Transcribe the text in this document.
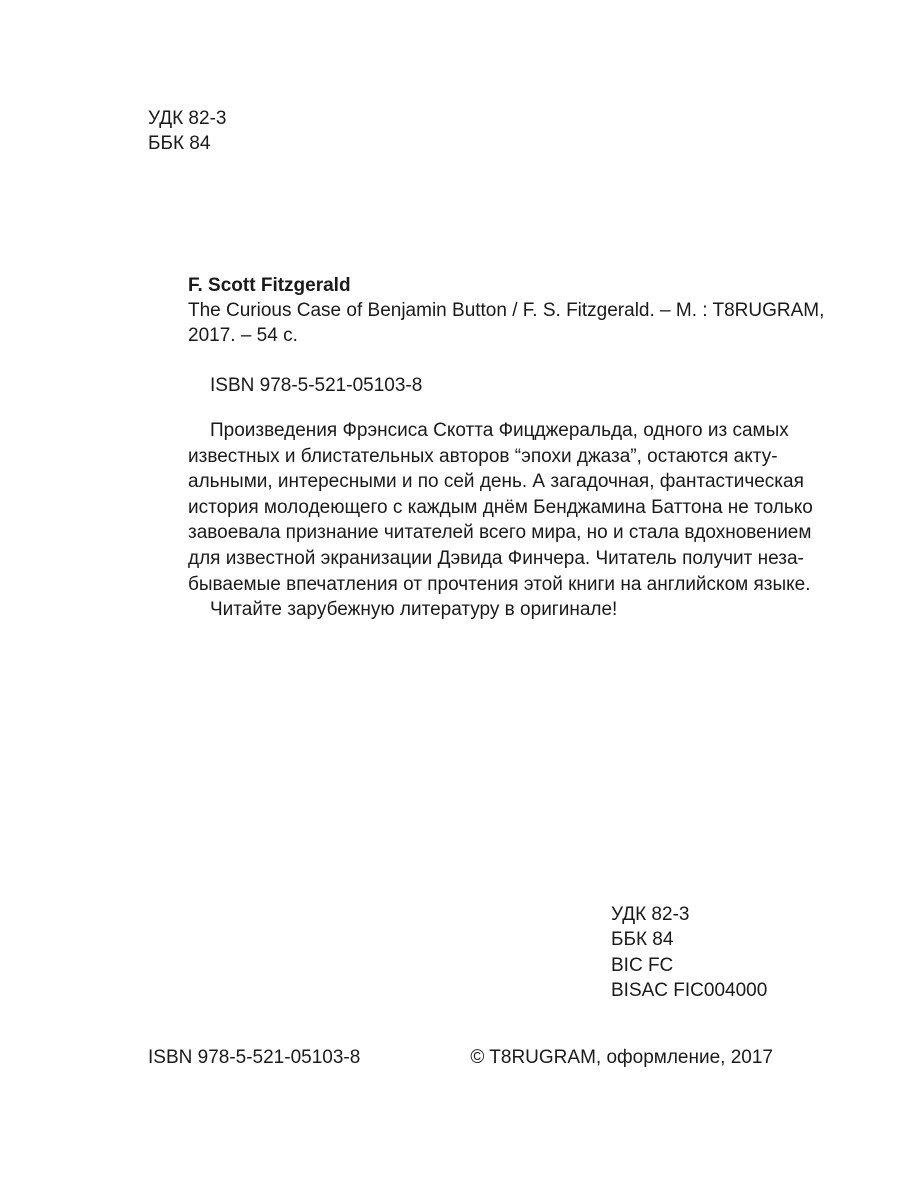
УДК 82-3
ББК 84
F. Scott Fitzgerald
The Curious Case of Benjamin Button / F. S. Fitzgerald. – M. : T8RUGRAM,
2017. – 54 с.
ISBN 978-5-521-05103-8
Произведения Фрэнсиса Скотта Фицджеральда, одного из самых
известных и блистательных авторов “эпохи джаза”, остаются акту-
альными, интересными и по сей день. А загадочная, фантастическая
история молодеющего с каждым днём Бенджамина Баттона не только
завоевала признание читателей всего мира, но и стала вдохновением
для известной экранизации Дэвида Финчера. Читатель получит неза-
бываемые впечатления от прочтения этой книги на английском языке.
Читайте зарубежную литературу в оригинале!
УДК 82-3
ББК 84
BIC FC
BISAC FIC004000
ISBN 978-5-521-05103-8	© T8RUGRAM, оформление, 2017
